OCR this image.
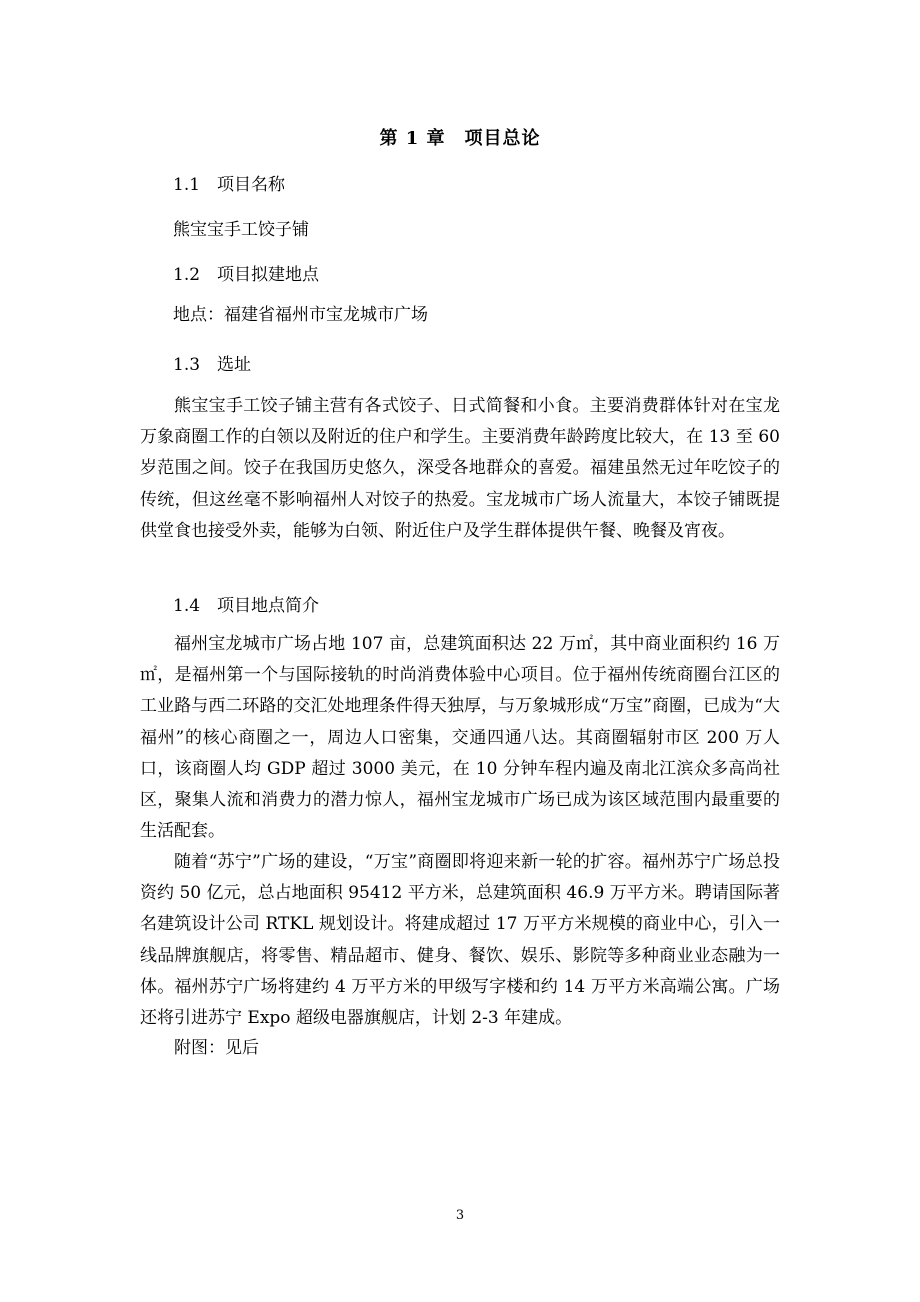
第 1 章　项目总论
1.1　项目名称
熊宝宝手工饺子铺
1.2　项目拟建地点
地点：福建省福州市宝龙城市广场
1.3　选址

熊宝宝手工饺子铺主营有各式饺子、日式简餐和小食。主要消费群体针对在宝龙万象商圈工作的白领以及附近的住户和学生。主要消费年龄跨度比较大，在 13 至 60 岁范围之间。饺子在我国历史悠久，深受各地群众的喜爱。福建虽然无过年吃饺子的传统，但这丝毫不影响福州人对饺子的热爱。宝龙城市广场人流量大，本饺子铺既提供堂食也接受外卖，能够为白领、附近住户及学生群体提供午餐、晚餐及宵夜。

1.4　项目地点简介

福州宝龙城市广场占地 107 亩，总建筑面积达 22 万㎡，其中商业面积约 16 万㎡，是福州第一个与国际接轨的时尚消费体验中心项目。位于福州传统商圈台江区的工业路与西二环路的交汇处地理条件得天独厚，与万象城形成“万宝”商圈，已成为“大福州”的核心商圈之一，周边人口密集，交通四通八达。其商圈辐射市区 200 万人口，该商圈人均 GDP 超过 3000 美元，在 10 分钟车程内遍及南北江滨众多高尚社区，聚集人流和消费力的潜力惊人，福州宝龙城市广场已成为该区域范围内最重要的生活配套。

随着“苏宁”广场的建设，“万宝”商圈即将迎来新一轮的扩容。福州苏宁广场总投资约 50 亿元，总占地面积 95412 平方米，总建筑面积 46.9 万平方米。聘请国际著名建筑设计公司 RTKL 规划设计。将建成超过 17 万平方米规模的商业中心，引入一线品牌旗舰店，将零售、精品超市、健身、餐饮、娱乐、影院等多种商业业态融为一体。福州苏宁广场将建约 4 万平方米的甲级写字楼和约 14 万平方米高端公寓。广场还将引进苏宁 Expo 超级电器旗舰店，计划 2-3 年建成。

附图：见后
3
